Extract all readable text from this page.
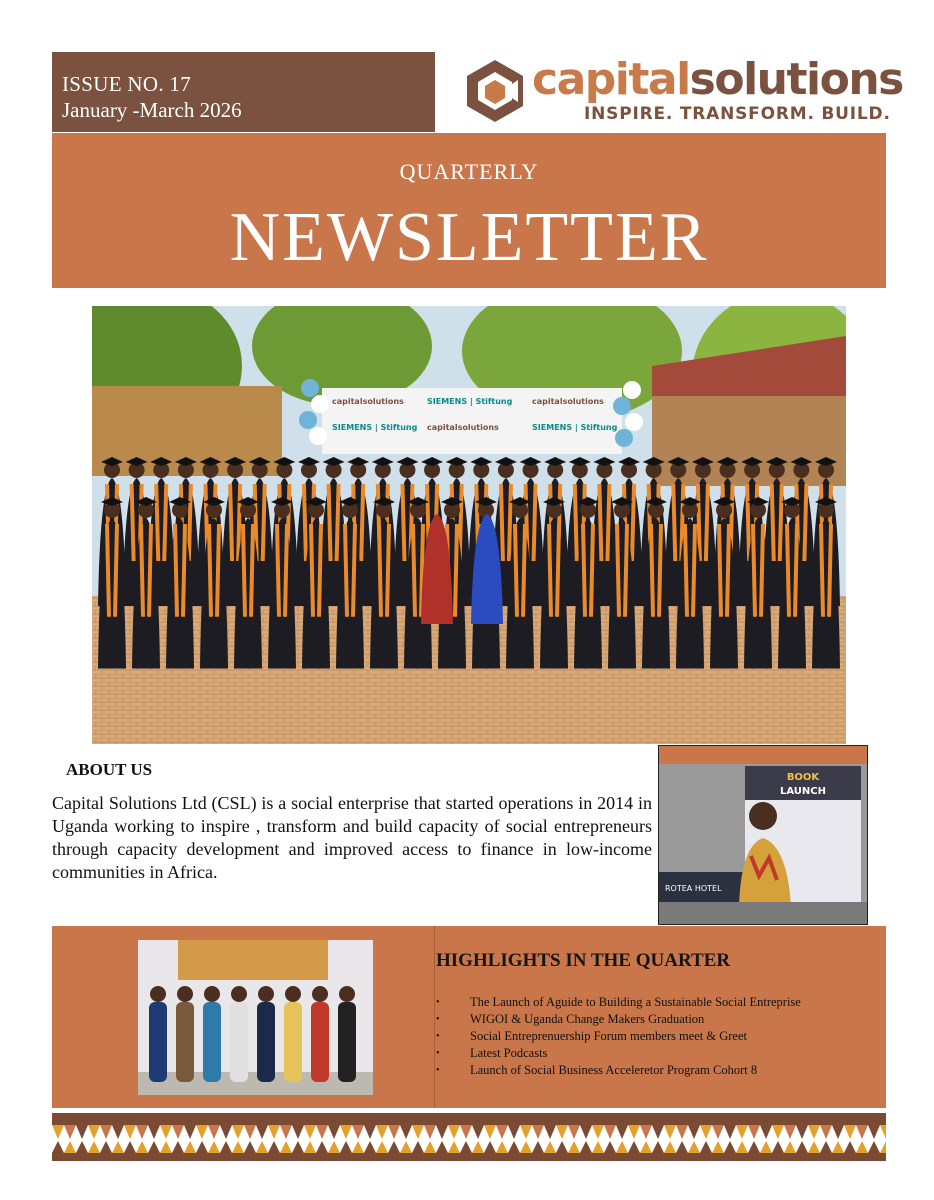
ISSUE NO. 17
January -March 2026
capitalsolutions
INSPIRE. TRANSFORM. BUILD.
QUARTERLY
NEWSLETTER
capitalsolutions	SIEMENS | Stiftung capitalsolutions
SIEMENS | Stiftung capitalsolutions	SIEMENS | Stiftung
ABOUT US
Capital Solutions Ltd (CSL) is a social enterprise that started operations in 2014 in Uganda working to inspire , transform and build capacity of social entrepreneurs through capacity development and improved access to finance in low-income communities in Africa.
BOOK
LAUNCH
ROTEA HOTEL
HIGHLIGHTS IN THE QUARTER
• The Launch of Aguide to Building a Sustainable Social Entreprise
• WIGOI & Uganda Change Makers Graduation
• Social Entreprenuership Forum members meet & Greet
• Latest Podcasts
• Launch of Social Business Acceleretor Program Cohort 8
